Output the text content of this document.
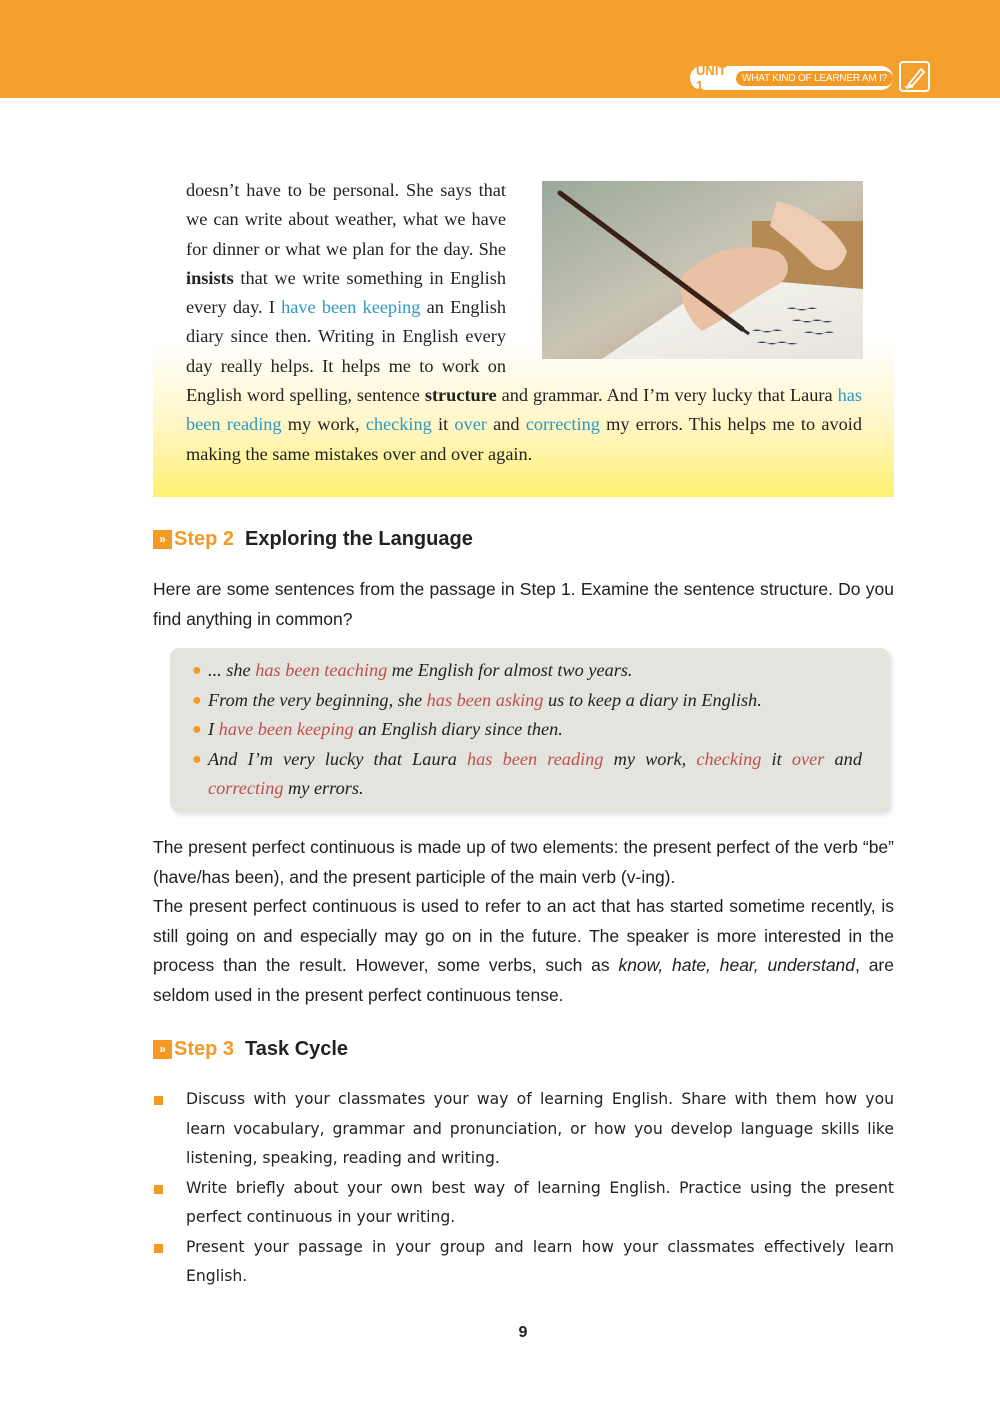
UNIT 1	WHAT KIND OF LEARNER AM I?

doesn’t have to be personal. She says that we can write about weather, what we have for dinner or what we plan for the day. She insists that we write something in English every day. I have been keeping an English diary since then. Writing in English every day really helps. It helps me to work on English word spelling, sentence structure and grammar. And I’m very lucky that Laura has been reading my work, checking it over and correcting my errors. This helps me to avoid making the same mistakes over and over again.

» Step 2 Exploring the Language

Here are some sentences from the passage in Step 1. Examine the sentence structure. Do you find anything in common?

● ... she has been teaching me English for almost two years.
● From the very beginning, she has been asking us to keep a diary in English.
● I have been keeping an English diary since then.
● And I’m very lucky that Laura has been reading my work, checking it over and correcting my errors.

The present perfect continuous is made up of two elements: the present perfect of the verb “be” (have/has been), and the present participle of the main verb (v-ing).
The present perfect continuous is used to refer to an act that has started sometime recently, is still going on and especially may go on in the future. The speaker is more interested in the process than the result. However, some verbs, such as know, hate, hear, understand, are seldom used in the present perfect continuous tense.

» Step 3 Task Cycle
Discuss with your classmates your way of learning English. Share with them how you learn vocabulary, grammar and pronunciation, or how you develop language skills like listening, speaking, reading and writing.
Write briefly about your own best way of learning English. Practice using the present perfect continuous in your writing.
Present your passage in your group and learn how your classmates effectively learn English.
9
